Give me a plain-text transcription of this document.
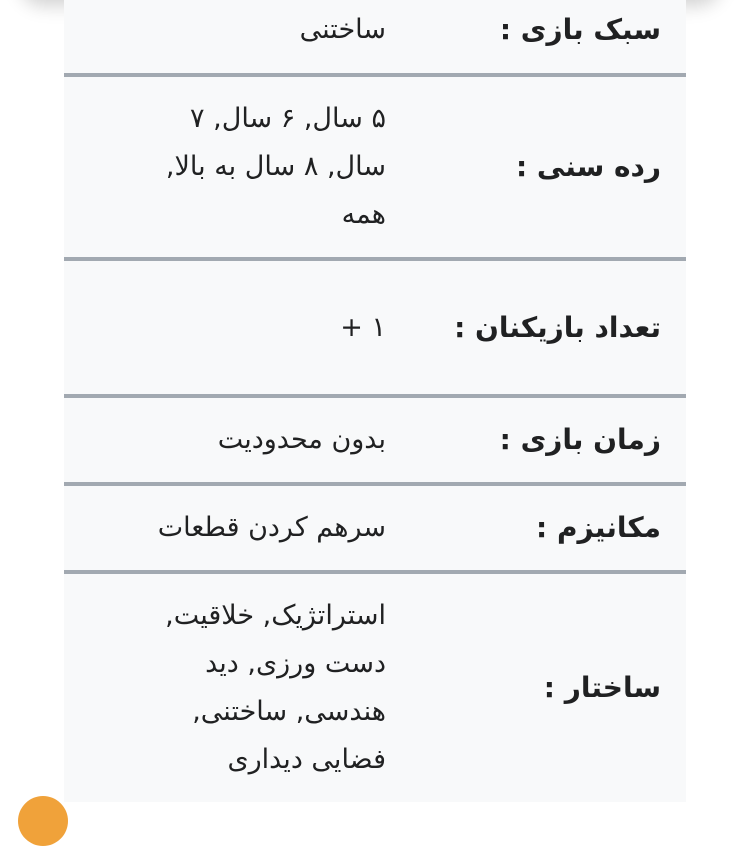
سبک بازی :
ساختنی
رده سنی :
۵ سال, ۶ سال, ۷ سال, ۸ سال به بالا, همه
تعداد بازیکنان :
۱ +
زمان بازی :
بدون محدودیت
مکانیزم :
سرهم کردن قطعات
ساختار :
استراتژیک, خلاقیت, دست ورزی, دید هندسی, ساختنی, فضایی دیداری
